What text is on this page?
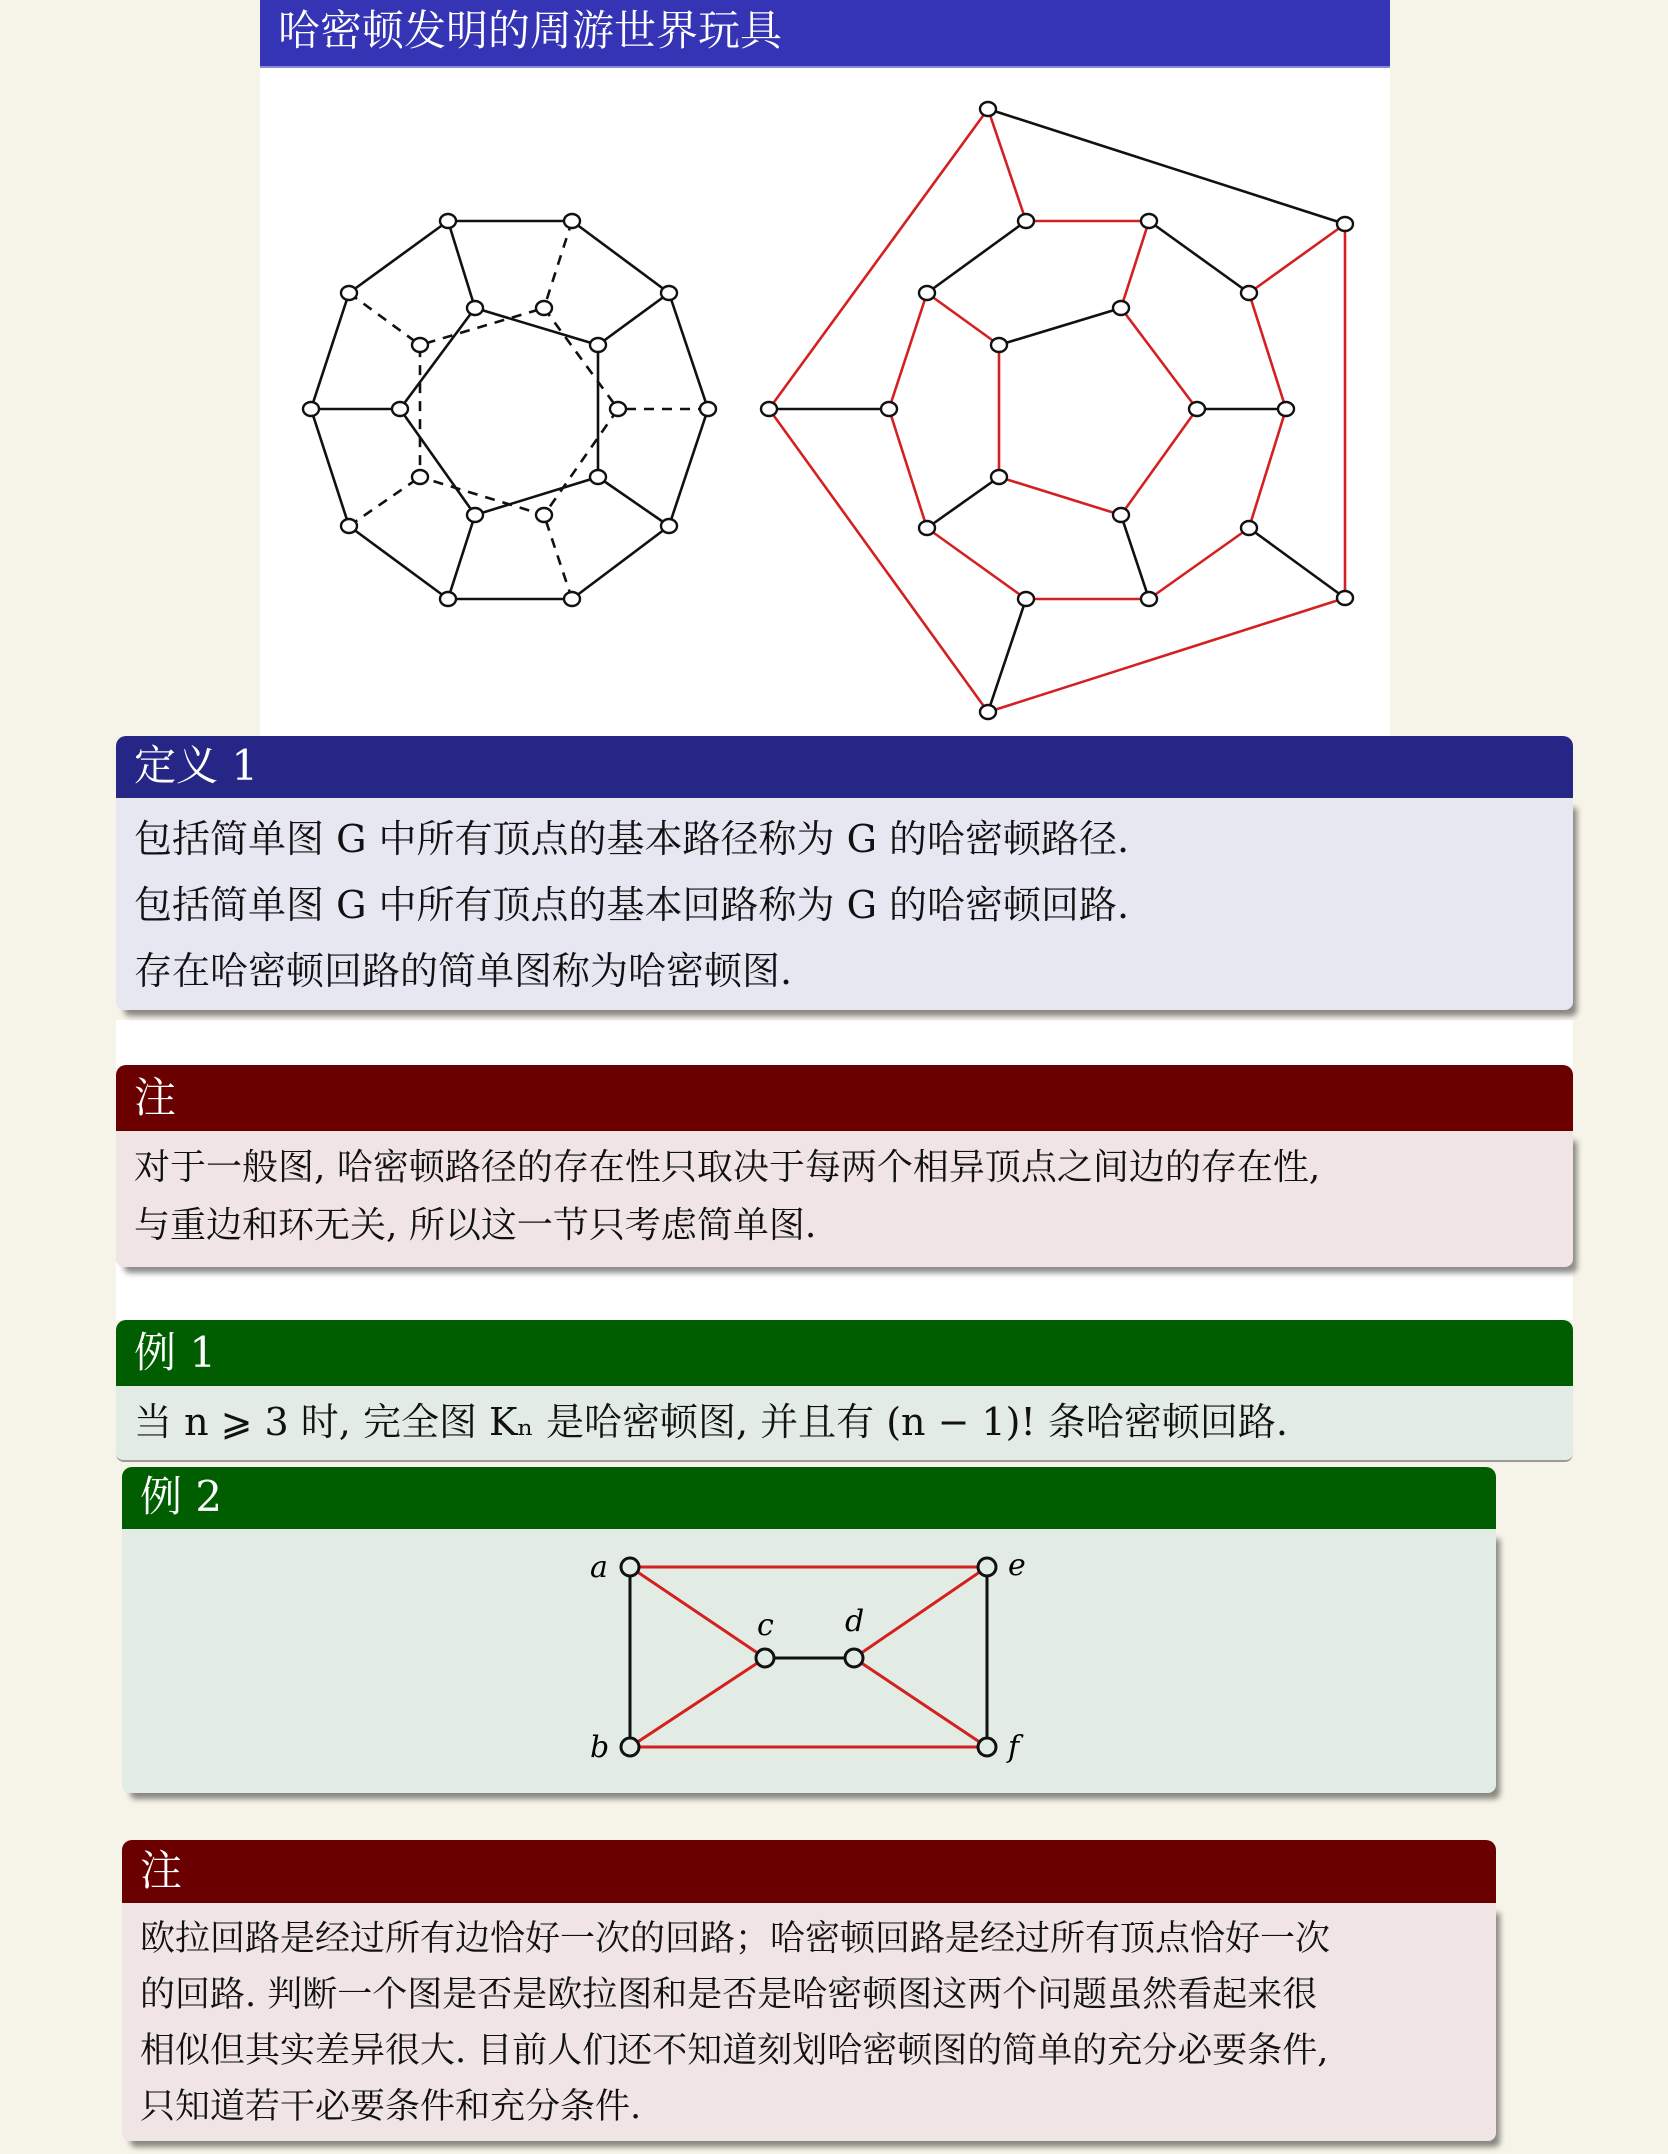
哈密顿发明的周游世界玩具
定义 1
包括简单图 G 中所有顶点的基本路径称为 G 的哈密顿路径.
包括简单图 G 中所有顶点的基本回路称为 G 的哈密顿回路.
存在哈密顿回路的简单图称为哈密顿图.
注
对于一般图, 哈密顿路径的存在性只取决于每两个相异顶点之间边的存在性,
与重边和环无关, 所以这一节只考虑简单图.
例 1
当 n ⩾ 3 时, 完全图 Kₙ 是哈密顿图, 并且有 (n − 1)! 条哈密顿回路.
例 2
a
b
c d
e
f
注
欧拉回路是经过所有边恰好一次的回路；哈密顿回路是经过所有顶点恰好一次
的回路. 判断一个图是否是欧拉图和是否是哈密顿图这两个问题虽然看起来很
相似但其实差异很大. 目前人们还不知道刻划哈密顿图的简单的充分必要条件,
只知道若干必要条件和充分条件.
